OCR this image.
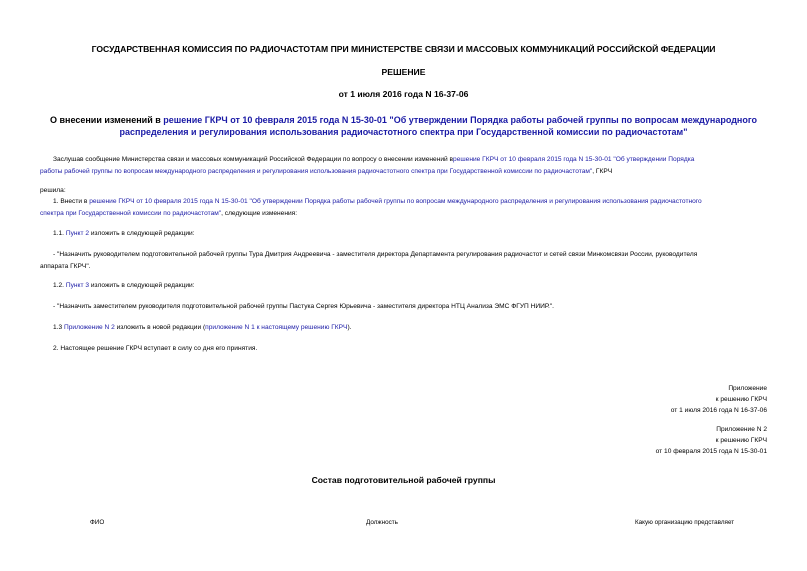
ГОСУДАРСТВЕННАЯ КОМИССИЯ ПО РАДИОЧАСТОТАМ ПРИ МИНИСТЕРСТВЕ СВЯЗИ И МАССОВЫХ КОММУНИКАЦИЙ РОССИЙСКОЙ ФЕДЕРАЦИИ
РЕШЕНИЕ
от 1 июля 2016 года N 16-37-06
О внесении изменений в решение ГКРЧ от 10 февраля 2015 года N 15-30-01 "Об утверждении Порядка работы рабочей группы по вопросам международного
распределения и регулирования использования радиочастотного спектра при Государственной комиссии по радиочастотам"
Заслушав сообщение Министерства связи и массовых коммуникаций Российской Федерации по вопросу о внесении изменений врешение ГКРЧ от 10 февраля 2015 года N 15-30-01 "Об утверждении Порядка
работы рабочей группы по вопросам международного распределения и регулирования использования радиочастотного спектра при Государственной комиссии по радиочастотам", ГКРЧ
решила:
1. Внести в решение ГКРЧ от 10 февраля 2015 года N 15-30-01 "Об утверждении Порядка работы рабочей группы по вопросам международного распределения и регулирования использования радиочастотного
спектра при Государственной комиссии по радиочастотам", следующие изменения:
1.1. Пункт 2 изложить в следующей редакции:
- "Назначить руководителем подготовительной рабочей группы Тура Дмитрия Андреевича - заместителя директора Департамента регулирования радиочастот и сетей связи Минкомсвязи России, руководителя
аппарата ГКРЧ".
1.2. Пункт 3 изложить в следующей редакции:
- "Назначить заместителем руководителя подготовительной рабочей группы Пастука Сергея Юрьевича - заместителя директора НТЦ Анализа ЭМС ФГУП НИИР.".
1.3 Приложение N 2 изложить в новой редакции (приложение N 1 к настоящему решению ГКРЧ).
2. Настоящее решение ГКРЧ вступает в силу со дня его принятия.
Приложение
к решению ГКРЧ
от 1 июля 2016 года N 16-37-06
Приложение N 2
к решению ГКРЧ
от 10 февраля 2015 года N 15-30-01
Состав подготовительной рабочей группы
ФИО	Должность	Какую организацию представляет
